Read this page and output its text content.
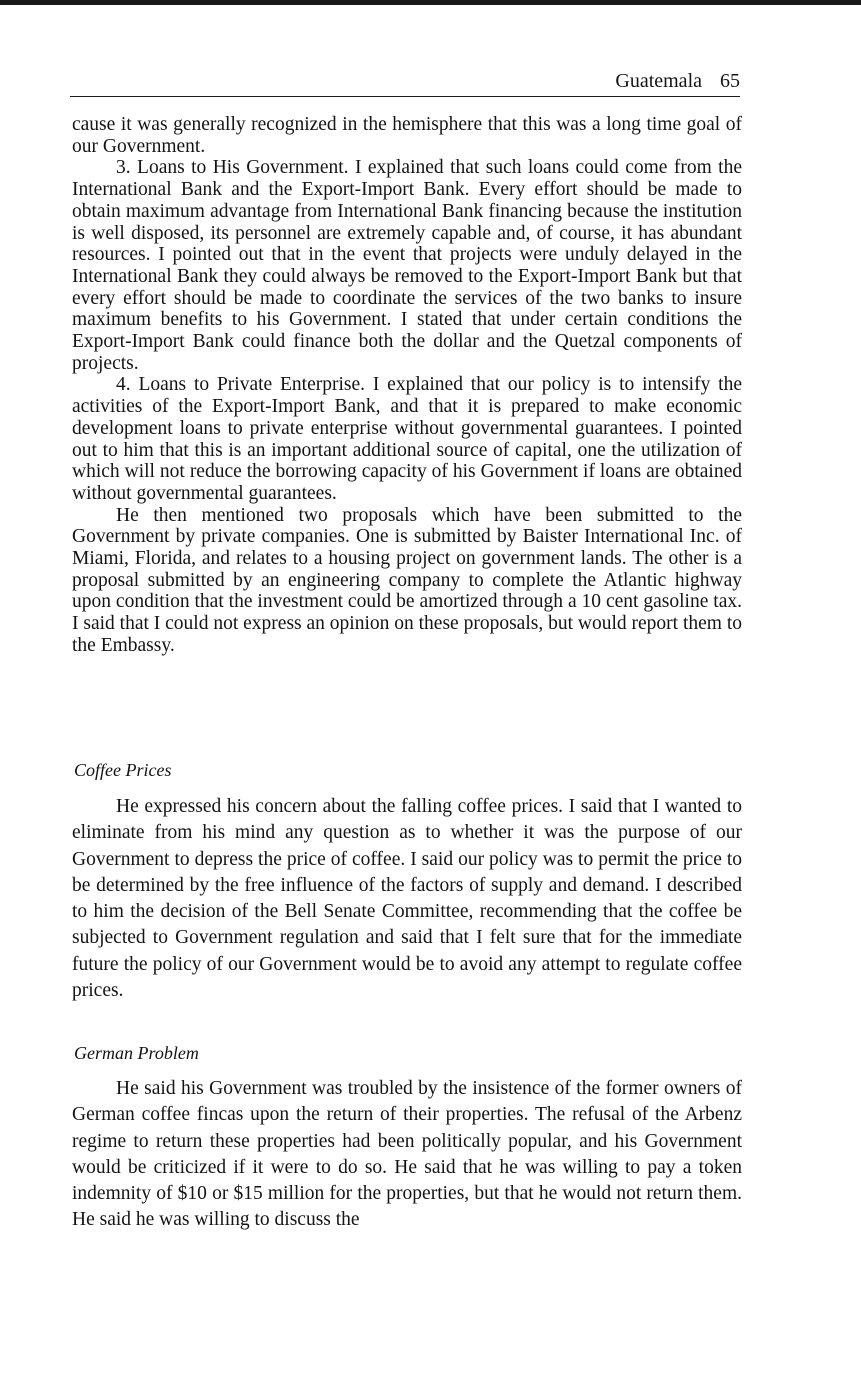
Guatemala 65

cause it was generally recognized in the hemisphere that this was a long time goal of our Government.

3. Loans to His Government. I explained that such loans could come from the International Bank and the Export-Import Bank. Every effort should be made to obtain maximum advantage from International Bank financing because the institution is well disposed, its personnel are extremely capable and, of course, it has abundant resources. I pointed out that in the event that projects were unduly delayed in the International Bank they could always be removed to the Export-Import Bank but that every effort should be made to coordinate the services of the two banks to insure maximum benefits to his Government. I stated that under certain conditions the Export-Import Bank could finance both the dollar and the Quetzal components of projects.

4. Loans to Private Enterprise. I explained that our policy is to intensify the activities of the Export-Import Bank, and that it is prepared to make economic development loans to private enterprise without governmental guarantees. I pointed out to him that this is an important additional source of capital, one the utilization of which will not reduce the borrowing capacity of his Government if loans are obtained without governmental guarantees.

He then mentioned two proposals which have been submitted to the Government by private companies. One is submitted by Baister International Inc. of Miami, Florida, and relates to a housing project on government lands. The other is a proposal submitted by an engineering company to complete the Atlantic highway upon condition that the investment could be amortized through a 10 cent gasoline tax. I said that I could not express an opinion on these proposals, but would report them to the Embassy.

Coffee Prices

He expressed his concern about the falling coffee prices. I said that I wanted to eliminate from his mind any question as to whether it was the purpose of our Government to depress the price of coffee. I said our policy was to permit the price to be determined by the free influence of the factors of supply and demand. I described to him the decision of the Bell Senate Committee, recommending that the coffee be subjected to Government regulation and said that I felt sure that for the immediate future the policy of our Government would be to avoid any attempt to regulate coffee prices.

German Problem

He said his Government was troubled by the insistence of the former owners of German coffee fincas upon the return of their properties. The refusal of the Arbenz regime to return these properties had been politically popular, and his Government would be criticized if it were to do so. He said that he was willing to pay a token indemnity of $10 or $15 million for the properties, but that he would not return them. He said he was willing to discuss the
